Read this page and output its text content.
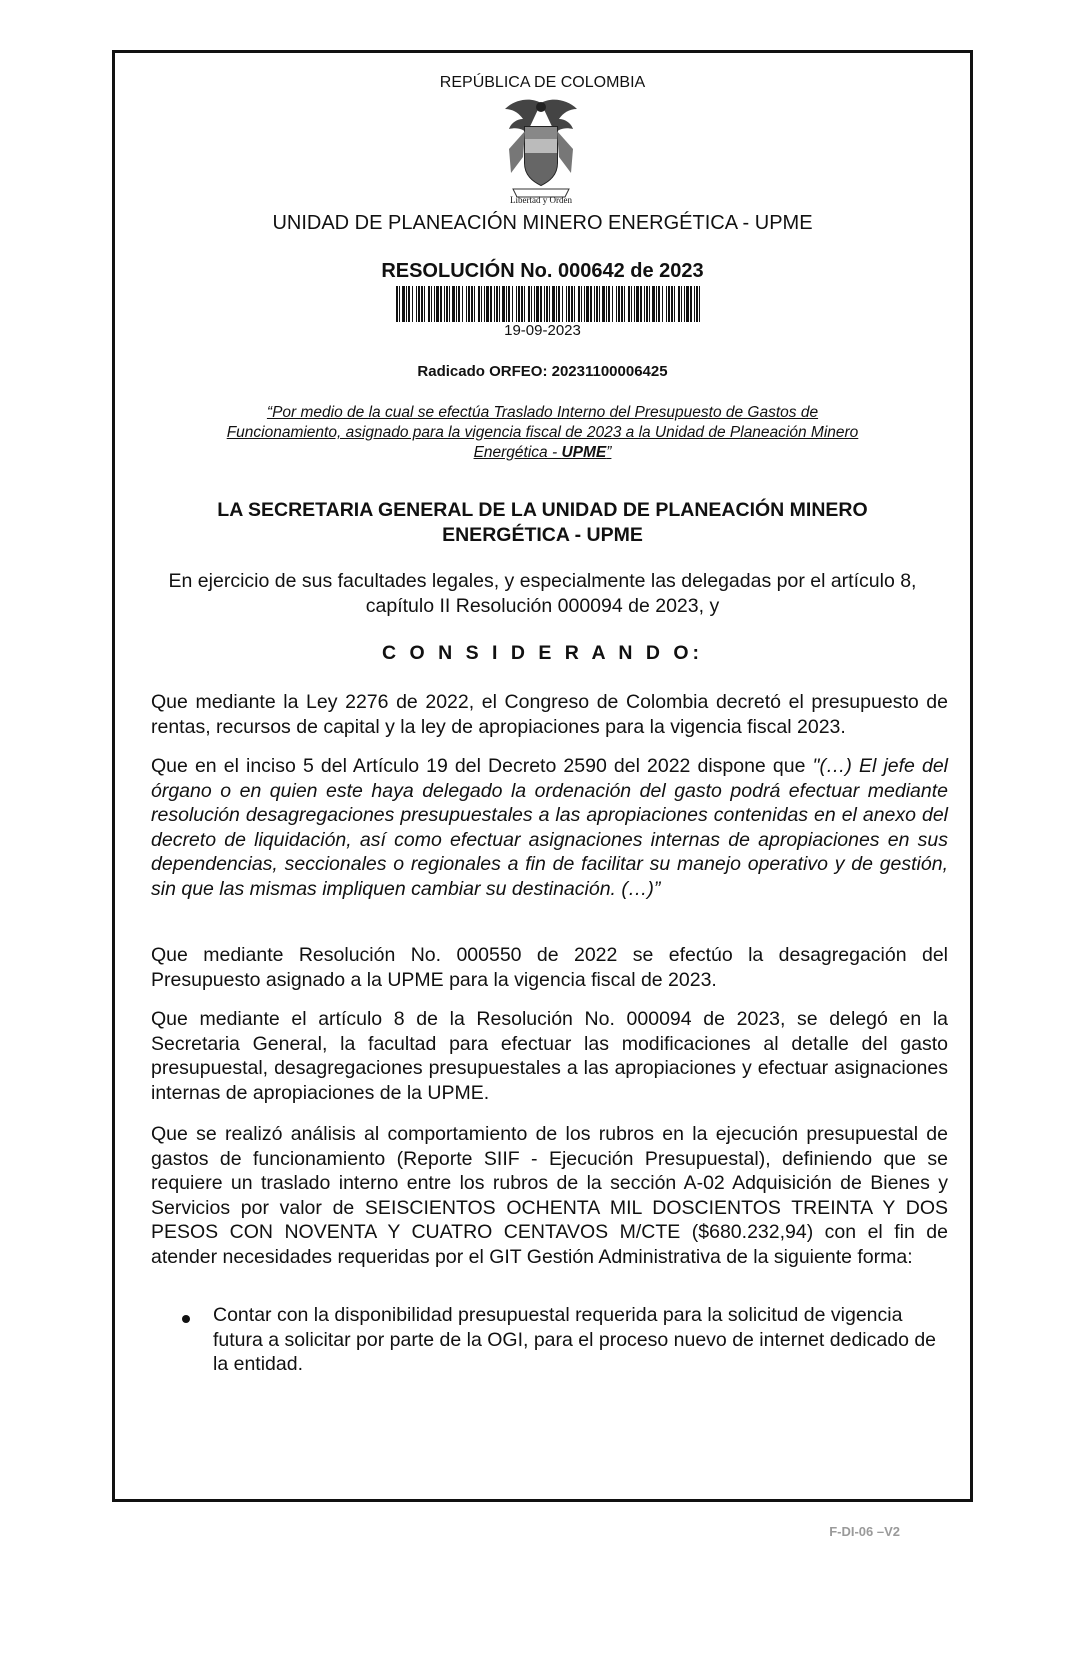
REPÚBLICA DE COLOMBIA
Libertad y Orden
UNIDAD DE PLANEACIÓN MINERO ENERGÉTICA - UPME
RESOLUCIÓN No. 000642 de 2023
19-09-2023
Radicado ORFEO: 20231100006425
“Por medio de la cual se efectúa Traslado Interno del Presupuesto de Gastos de
Funcionamiento, asignado para la vigencia fiscal de 2023 a la Unidad de Planeación Minero
Energética - UPME”
LA SECRETARIA GENERAL DE LA UNIDAD DE PLANEACIÓN MINERO ENERGÉTICA - UPME
En ejercicio de sus facultades legales, y especialmente las delegadas por el artículo 8, capítulo II Resolución 000094 de 2023, y
C O N S I D E R A N D O:
Que mediante la Ley 2276 de 2022, el Congreso de Colombia decretó el presupuesto de rentas, recursos de capital y la ley de apropiaciones para la vigencia fiscal 2023.
Que en el inciso 5 del Artículo 19 del Decreto 2590 del 2022 dispone que "(…) El jefe del órgano o en quien este haya delegado la ordenación del gasto podrá efectuar mediante resolución desagregaciones presupuestales a las apropiaciones contenidas en el anexo del decreto de liquidación, así como efectuar asignaciones internas de apropiaciones en sus dependencias, seccionales o regionales a fin de facilitar su manejo operativo y de gestión, sin que las mismas impliquen cambiar su destinación. (…)”
Que mediante Resolución No. 000550 de 2022 se efectúo la desagregación del Presupuesto asignado a la UPME para la vigencia fiscal de 2023.
Que mediante el artículo 8 de la Resolución No. 000094 de 2023, se delegó en la Secretaria General, la facultad para efectuar las modificaciones al detalle del gasto presupuestal, desagregaciones presupuestales a las apropiaciones y efectuar asignaciones internas de apropiaciones de la UPME.
Que se realizó análisis al comportamiento de los rubros en la ejecución presupuestal de gastos de funcionamiento (Reporte SIIF - Ejecución Presupuestal), definiendo que se requiere un traslado interno entre los rubros de la sección A-02 Adquisición de Bienes y Servicios por valor de SEISCIENTOS OCHENTA MIL DOSCIENTOS TREINTA Y DOS PESOS CON NOVENTA Y CUATRO CENTAVOS M/CTE ($680.232,94) con el fin de atender necesidades requeridas por el GIT Gestión Administrativa de la siguiente forma:
Contar con la disponibilidad presupuestal requerida para la solicitud de vigencia futura a solicitar por parte de la OGI, para el proceso nuevo de internet dedicado de la entidad.
F-DI-06 –V2
